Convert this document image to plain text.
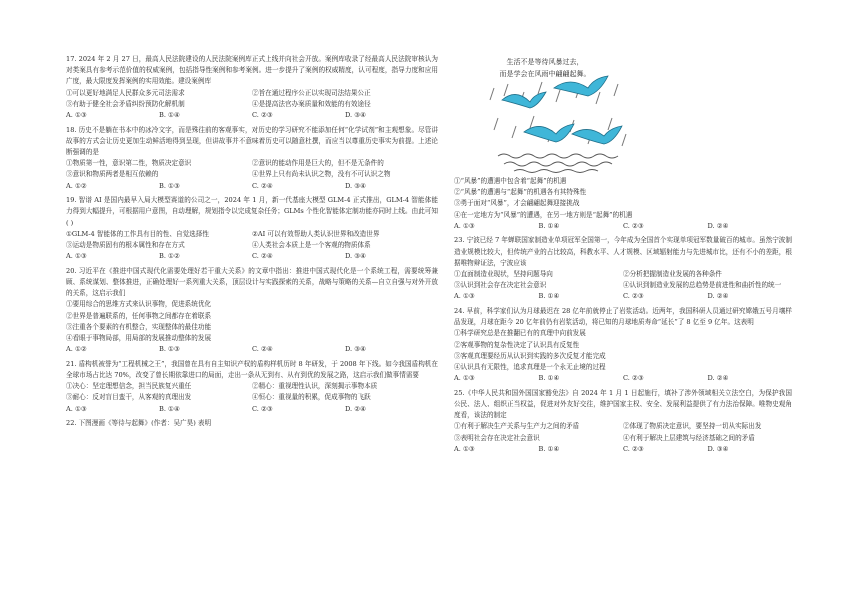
17. 2024 年 2 月 27 日，最高人民法院建设的人民法院案例库正式上线并向社会开放。案例库收录了经最高人民法院审核认为对类案具有参考示范价值的权威案例，包括指导性案例和参考案例。进一步提升了案例的权威精度，认可程度，指导力度和应用广度，最大限度发挥案例的实用效能。建设案例库
①可以更好地满足人民群众多元司法需求	②旨在通过程序公正以实现司法结果公正
③有助于健全社会矛盾纠纷预防化解机制	④是提高法官办案质量和效能的有效途径
A. ①③	B. ①④	C. ②③	D. ③④
18. 历史不是躺在书本中的冰冷文字，而是殊往前的客观事实，对历史的学习研究不能添加任何“化学试剂”和主观想象。尽管讲故事的方式会让历史更加生动鲜活地得到呈现，但讲故事并不意味着历史可以随意杜撰，而应当以尊重历史事实为前提。上述论断强调的是
①物质第一性，意识第二性，物质决定意识	②意识的能动作用是巨大的，但不是无条件的
③意识和物质两者是相互依赖的	④世界上只有尚未认识之物，没有不可认识之物
A. ①②	B. ①③	C. ②④	D. ③④
19. 智谱 AI 是国内最早入局大模型赛道的公司之一，2024 年 1 月，新一代基座大模型 GLM-4 正式推出，GLM-4 智能体能力得到大幅提升，可根据用户意图，自动理解，规划指令以完成复杂任务；GLMs 个性化智能体定制功能亦同时上线。由此可知( )
①GLM-4 智能体的工作具有目的性、自觉选择性	②AI 可以有效帮助人类认识世界和改造世界
③运动是物质固有的根本属性和存在方式	④人类社会本质上是一个客观的物质体系
A. ①③	B. ①②	C. ②④	D. ③④
20. 习近平在《推进中国式现代化需要处理好若干重大关系》的文章中指出：推进中国式现代化是一个系统工程，需要统筹兼顾、系统谋划、整体推进，正确处理好一系列重大关系，顶层设计与实践探索的关系，战略与策略的关系—自立自强与对外开放的关系，这启示我们
①要用综合的思维方式来认识事物，促进系统优化
②世界是普遍联系的，任何事物之间都存在着联系
③注重各个要素的有机整合，实现整体的最佳功能
④看眼于事物局部，用局部的发展推动整体的发展
A. ①②	B. ①③	C. ②④	D. ③④
21. 盾构机被誉为“工程机械之王”，我国曾在具有自主知识产权的盾构样机历时 8 年研发，于 2008 年下线。如今我国盾构机在全球市场占比达 70%，改变了曾长期依靠进口的局面，走出一条从无到有、从有到优的发展之路，这启示我们做事情需要
①决心：坚定理想信念，担当民族复兴重任	②精心：重视理性认识，深刻揭示事物本质
③耐心：反对盲目蛮干，从客观的真理出发	④恒心：重视量的积累，促成事物的飞跃
A. ①③	B. ①④	C. ②③	D. ②④
22. 下图漫画《等待与起舞》(作者：吴广昊) 表明
生活不是等待风暴过去，
而是学会在风雨中翩翩起舞。
①“风暴”的遭遇中包含着“起舞”的机遇
②“风暴”的遭遇与“起舞”的机遇各有其特殊性
③勇于面对“风暴”，才会翩翩起舞迎接挑战
④在一定地方为“风暴”的遭遇，在另一地方则是“起舞”的机遇
A. ①③	B. ①④	C. ②③	D. ②④
23. 宁波已经 7 年蝉联国家制造业单项冠军全国第一，今年成为全国首个实现单项冠军数量破百的城市。虽然宁波制造业规模比较大，但传统产业的占比较高，科教水平、人才规模、区域辐射能力与先进城市比，还有不小的差距，根据唯物辩证法，宁波应该
①直面制造业现状，坚持问题导向	②分析把握制造业发展的各种条件
③认识到社会存在决定社会意识	④认识到制造业发展的总趋势是前进性和曲折性的统一
A. ①③	B. ①④	C. ②③	D. ②④
24. 早前，科学家们认为月球最迟在 28 亿年前就停止了岩浆活动。近两年，我国科研人员通过研究嫦娥五号月壤样品发现，月球在距今 20 亿年前仍有岩浆活动，将已知的月球地质寿命“延长”了 8 亿至 9 亿年。这表明
①科学研究总是在推翻已有的真理中向前发展
②客观事物的复杂性决定了认识具有反复性
③客观真理要经历从认识到实践的多次反复才能完成
④认识具有无限性，追求真理是一个永无止境的过程
A. ①③	B. ①④	C. ②③	D. ②④
25.《中华人民共和国外国国家豁免法》自 2024 年 1 月 1 日起施行，填补了涉外领域相关立法空白，为保护我国公民、法人、组织正当权益，促进对外友好交往，维护国家主权、安全、发展利益提供了有力法治保障。唯物史观角度看，该法的制定
①有利于解决生产关系与生产力之间的矛盾	②体现了物质决定意识，要坚持一切从实际出发
③表明社会存在决定社会意识	④有利于解决上层建筑与经济基础之间的矛盾
A. ①③	B. ①④	C. ②③	D. ③④
